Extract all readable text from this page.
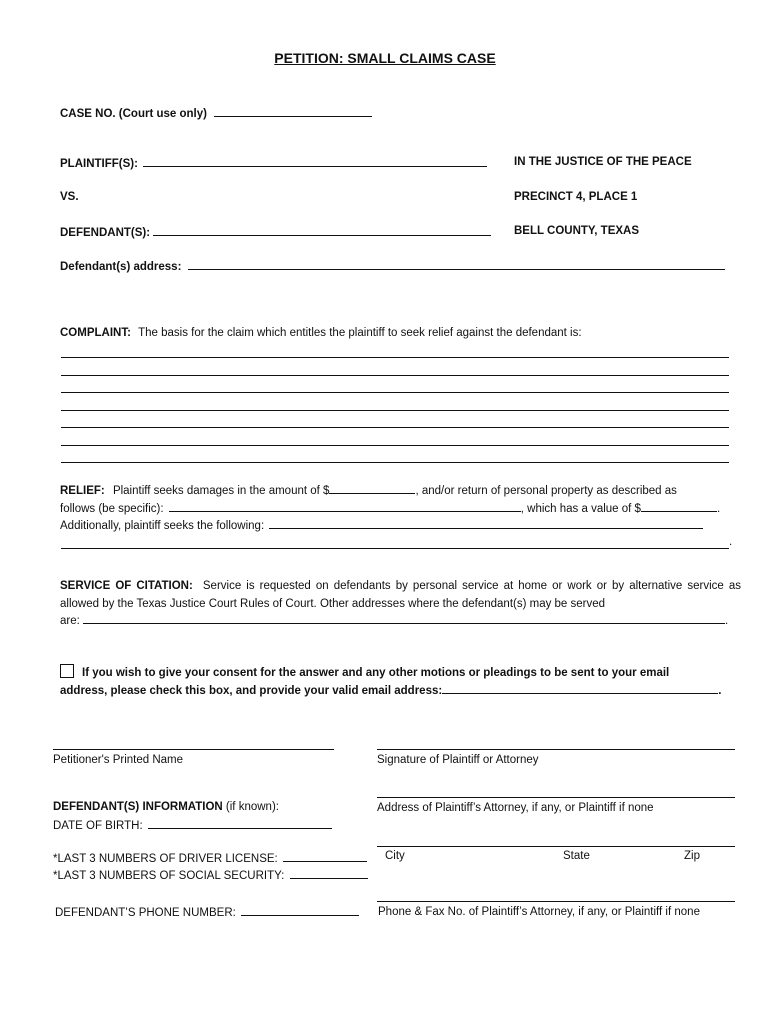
PETITION: SMALL CLAIMS CASE
CASE NO. (Court use only)
PLAINTIFF(S):	IN THE JUSTICE OF THE PEACE
VS.	PRECINCT 4, PLACE 1
DEFENDANT(S):	BELL COUNTY, TEXAS
Defendant(s) address:
COMPLAINT: The basis for the claim which entitles the plaintiff to seek relief against the defendant is:
RELIEF: Plaintiff seeks damages in the amount of $	, and/or return of personal property as described as
follows (be specific):	, which has a value of $	.
Additionally, plaintiff seeks the following:
.
SERVICE OF CITATION: Service is requested on defendants by personal service at home or work or by alternative service as allowed by the Texas Justice Court Rules of Court. Other addresses where the defendant(s) may be served
are:	.
If you wish to give your consent for the answer and any other motions or pleadings to be sent to your email
address, please check this box, and provide your valid email address:	.
Petitioner's Printed Name	Signature of Plaintiff or Attorney
Address of Plaintiff’s Attorney, if any, or Plaintiff if none
City	State	Zip
Phone & Fax No. of Plaintiff’s Attorney, if any, or Plaintiff if none
DEFENDANT(S) INFORMATION (if known):
DATE OF BIRTH:
*LAST 3 NUMBERS OF DRIVER LICENSE:
*LAST 3 NUMBERS OF SOCIAL SECURITY:
DEFENDANT’S PHONE NUMBER:
